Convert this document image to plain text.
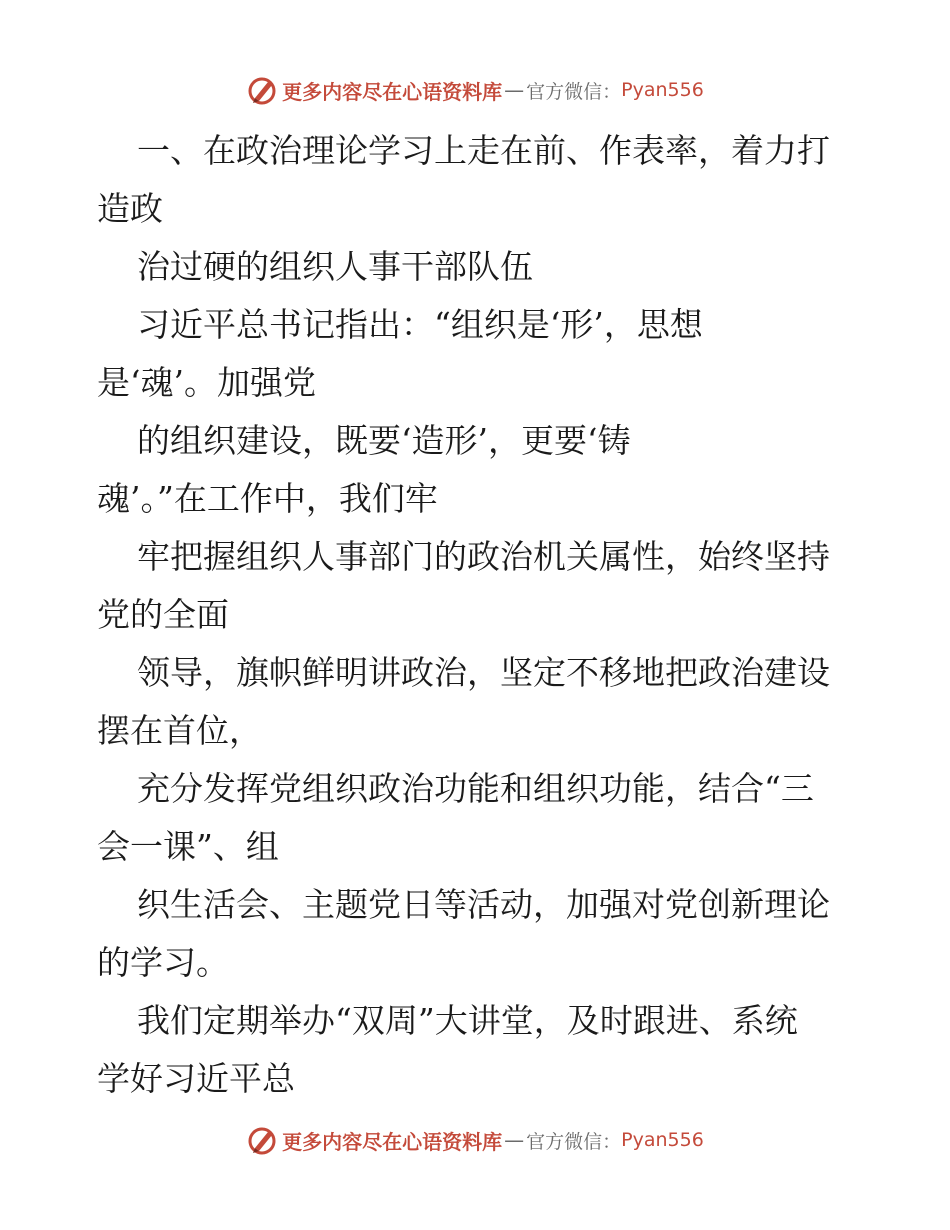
更多内容尽在心语资料库 — 官方微信： Pyan556
一、在政治理论学习上走在前、作表率，着力打
造政
治过硬的组织人事干部队伍
习近平总书记指出：“组织是‘形’，思想
是‘魂’。加强党
的组织建设，既要‘造形’，更要‘铸
魂’。”在工作中，我们牢
牢把握组织人事部门的政治机关属性，始终坚持
党的全面
领导，旗帜鲜明讲政治，坚定不移地把政治建设
摆在首位，
充分发挥党组织政治功能和组织功能，结合“三
会一课”、组
织生活会、主题党日等活动，加强对党创新理论
的学习。
我们定期举办“双周”大讲堂，及时跟进、系统
学好习近平总
更多内容尽在心语资料库 — 官方微信： Pyan556
